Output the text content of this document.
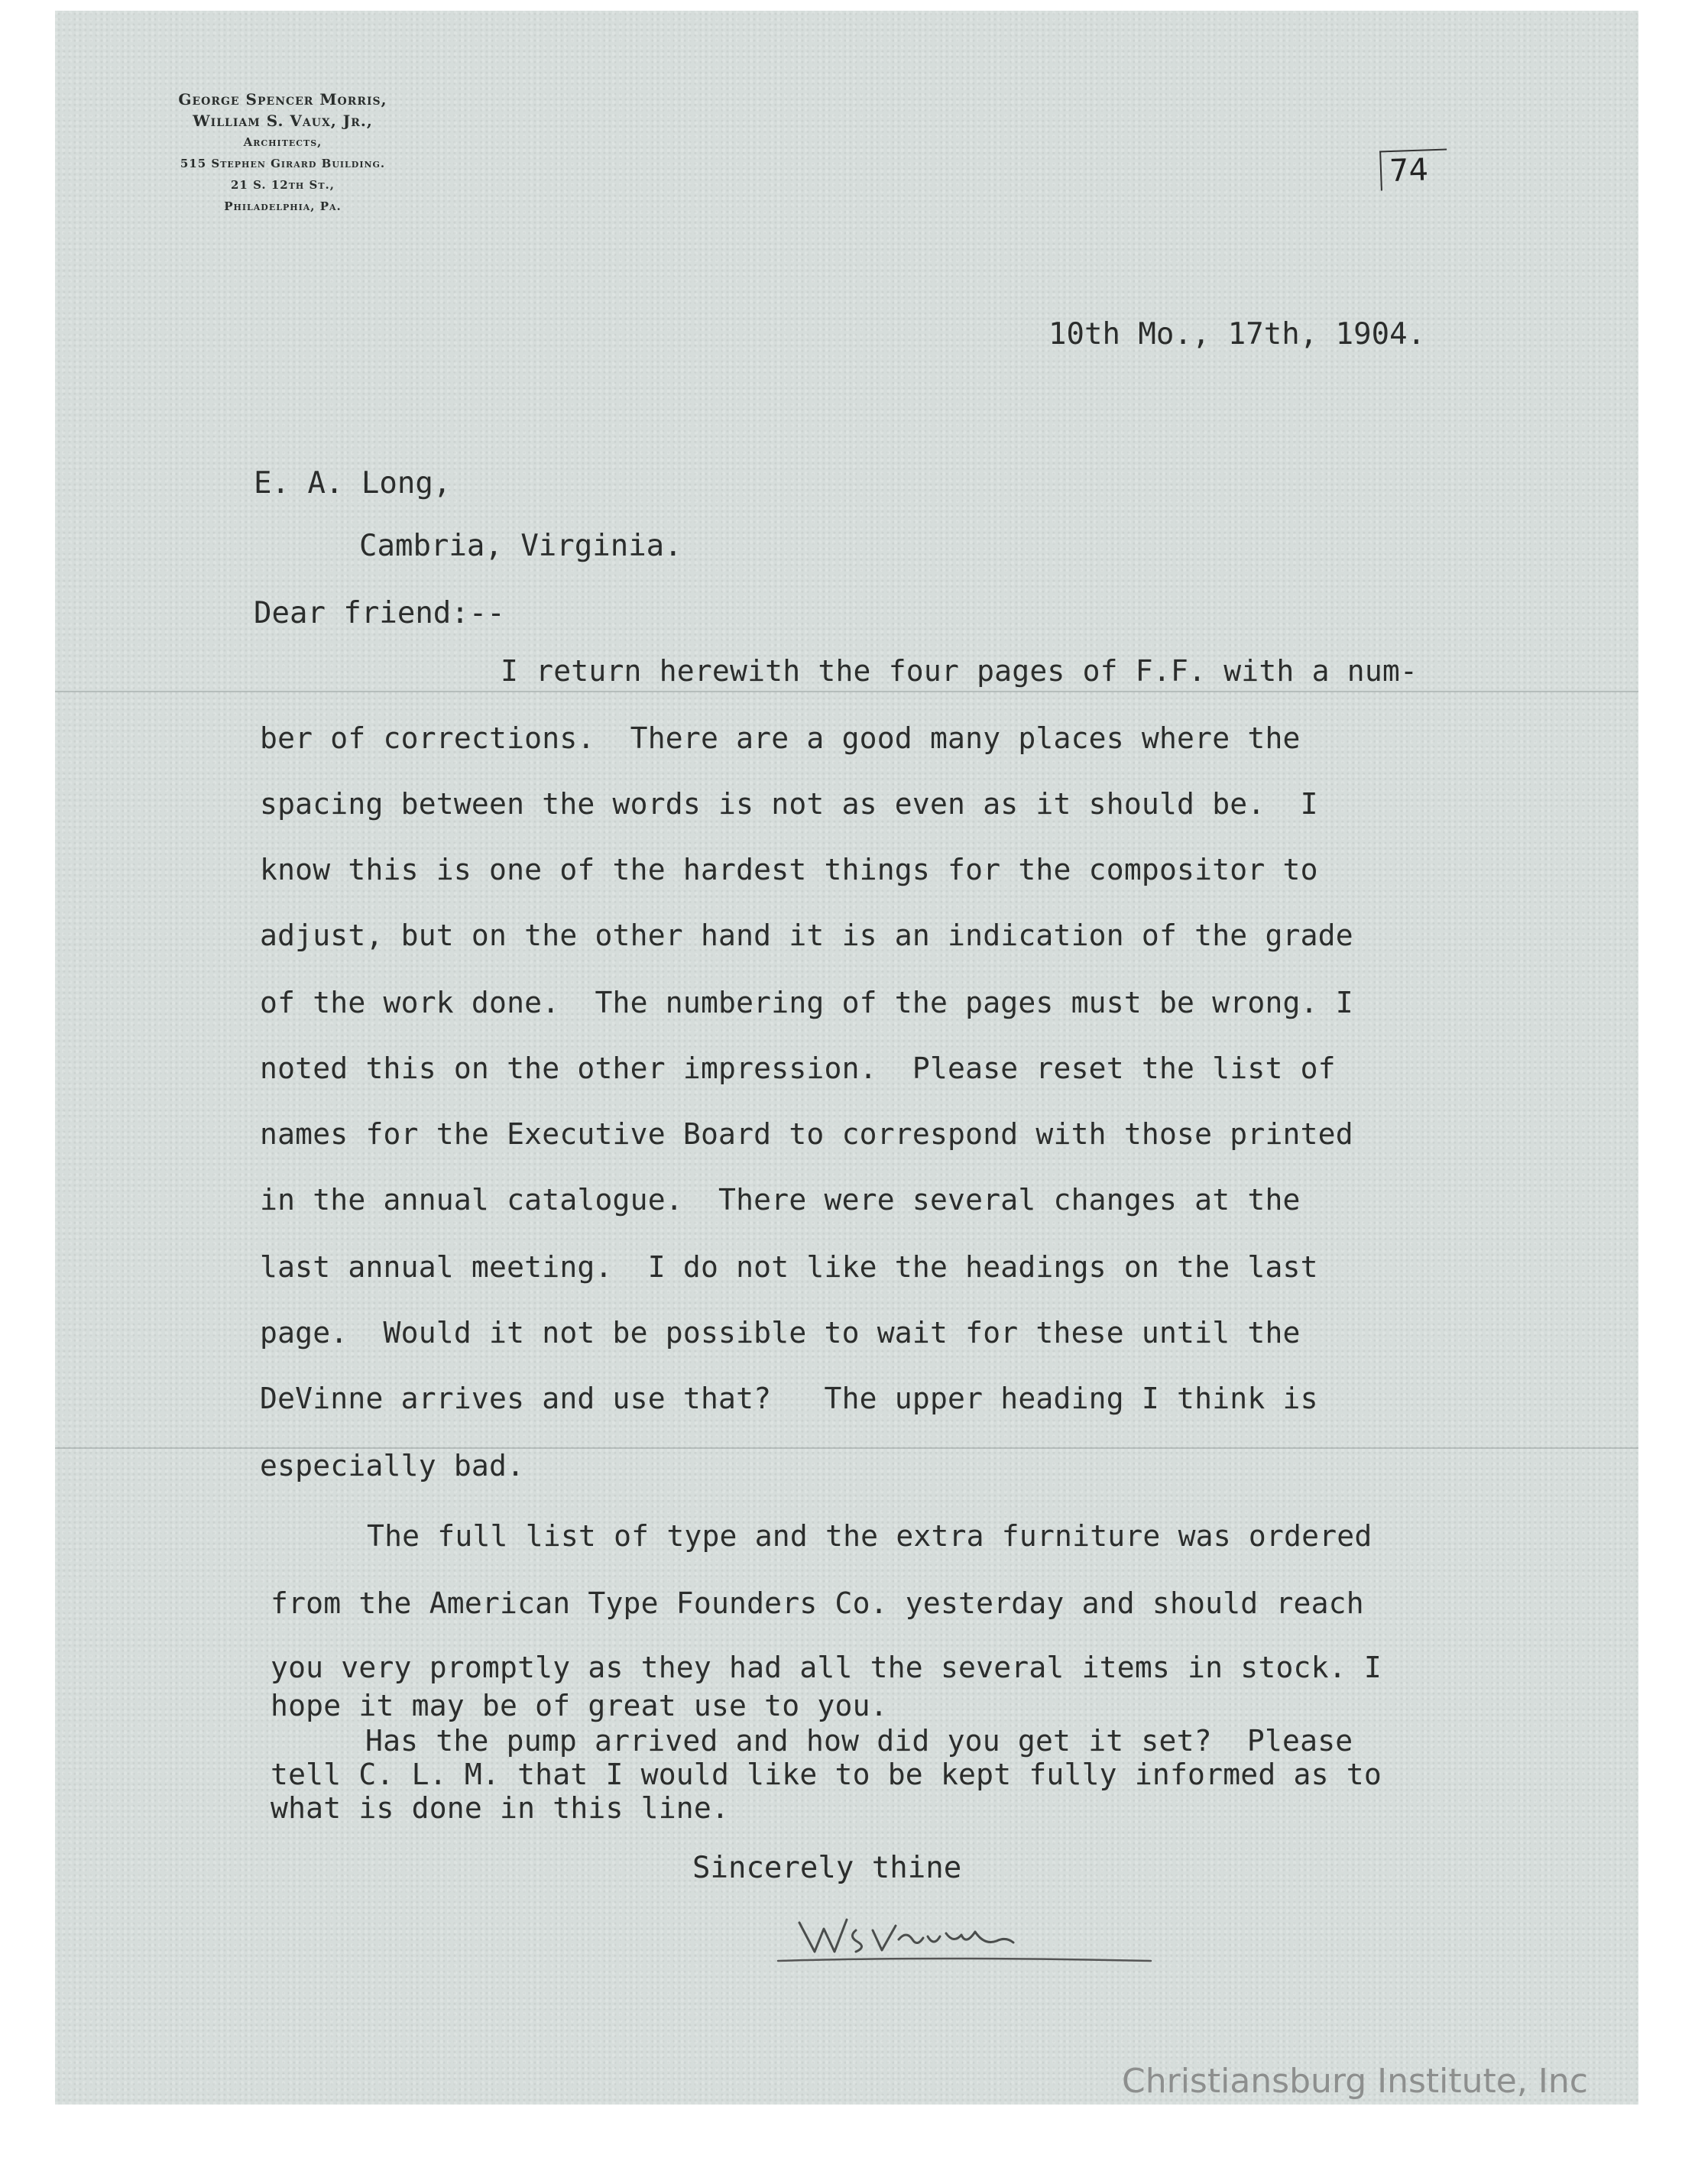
George Spencer Morris,
William S. Vaux, Jr.,
Architects,
515 Stephen Girard Building.
21 S. 12th St.,
Philadelphia, Pa.
74
10th Mo., 17th, 1904.
E. A. Long,
Cambria, Virginia.
Dear friend:--
I return herewith the four pages of F.F. with a num-
ber of corrections.  There are a good many places where the
spacing between the words is not as even as it should be.  I
know this is one of the hardest things for the compositor to
adjust, but on the other hand it is an indication of the grade
of the work done.  The numbering of the pages must be wrong. I
noted this on the other impression.  Please reset the list of
names for the Executive Board to correspond with those printed
in the annual catalogue.  There were several changes at the
last annual meeting.  I do not like the headings on the last
page.  Would it not be possible to wait for these until the
DeVinne arrives and use that?   The upper heading I think is
especially bad.
The full list of type and the extra furniture was ordered
from the American Type Founders Co. yesterday and should reach
you very promptly as they had all the several items in stock. I
hope it may be of great use to you.
Has the pump arrived and how did you get it set?  Please
tell C. L. M. that I would like to be kept fully informed as to
what is done in this line.
Sincerely thine
Christiansburg Institute, Inc
